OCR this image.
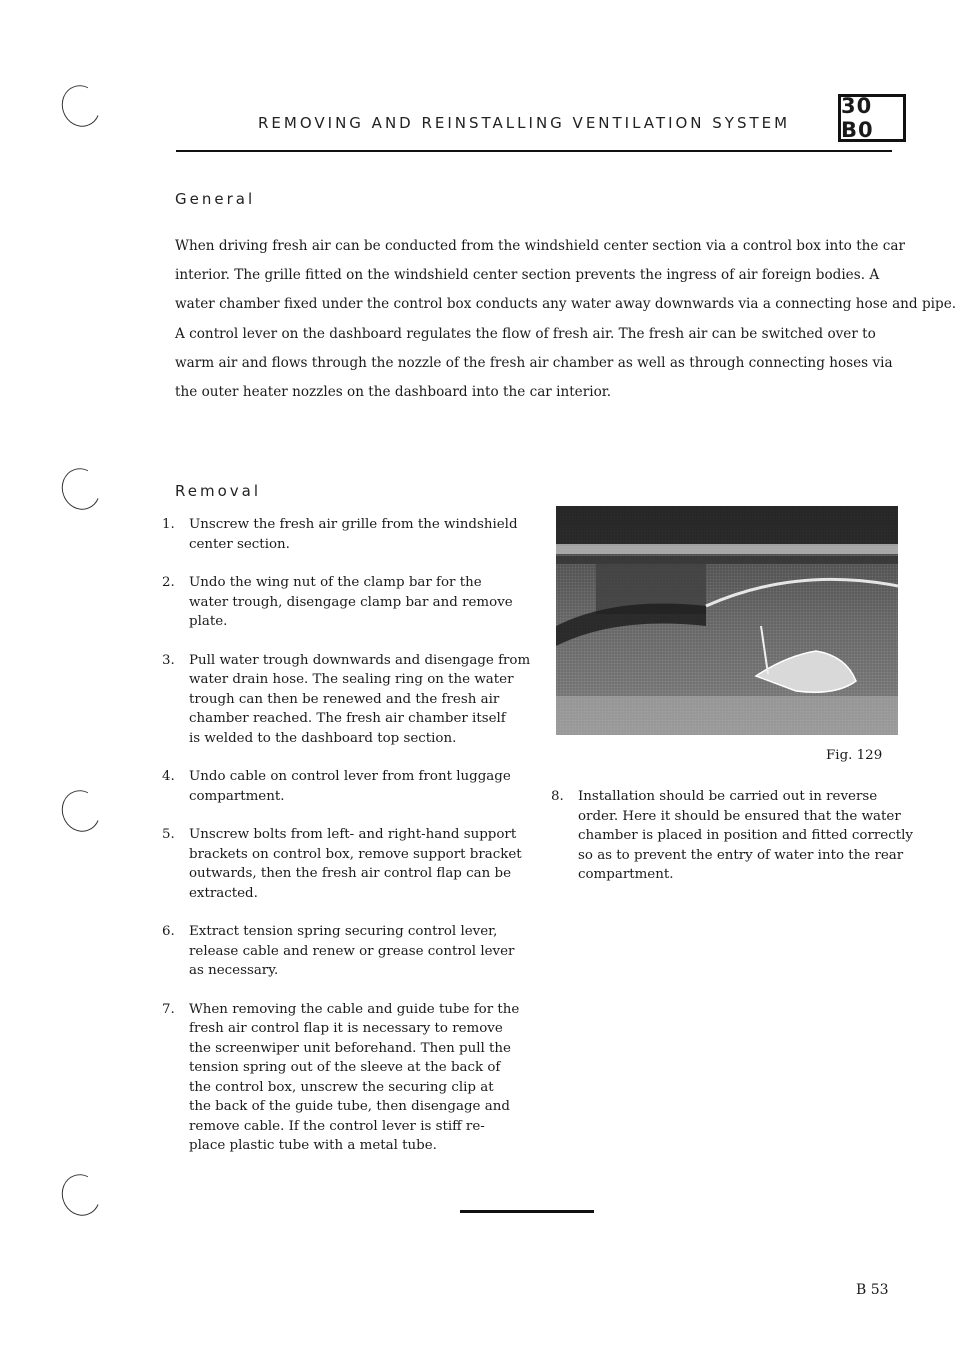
REMOVING AND REINSTALLING VENTILATION SYSTEM
30 B0
General

When driving fresh air can be conducted from the windshield center section via a control box into the car
interior. The grille fitted on the windshield center section prevents the ingress of air foreign bodies. A
water chamber fixed under the control box conducts any water away downwards via a connecting hose and pipe.
A control lever on the dashboard regulates the flow of fresh air. The fresh air can be switched over to
warm air and flows through the nozzle of the fresh air chamber as well as through connecting hoses via
the outer heater nozzles on the dashboard into the car interior.

Removal
1. Unscrew the fresh air grille from the windshield
center section.
2. Undo the wing nut of the clamp bar for the
water trough, disengage clamp bar and remove
plate.
3. Pull water trough downwards and disengage from
water drain hose. The sealing ring on the water
trough can then be renewed and the fresh air
chamber reached. The fresh air chamber itself
is welded to the dashboard top section.
4. Undo cable on control lever from front luggage
compartment.
5. Unscrew bolts from left- and right-hand support
brackets on control box, remove support bracket
outwards, then the fresh air control flap can be
extracted.
6. Extract tension spring securing control lever,
release cable and renew or grease control lever
as necessary.
7. When removing the cable and guide tube for the
fresh air control flap it is necessary to remove
the screenwiper unit beforehand. Then pull the
tension spring out of the sleeve at the back of
the control box, unscrew the securing clip at
the back of the guide tube, then disengage and
remove cable. If the control lever is stiff re-
place plastic tube with a metal tube.
Fig. 129
8. Installation should be carried out in reverse
order. Here it should be ensured that the water
chamber is placed in position and fitted correctly
so as to prevent the entry of water into the rear
compartment.
B 53
